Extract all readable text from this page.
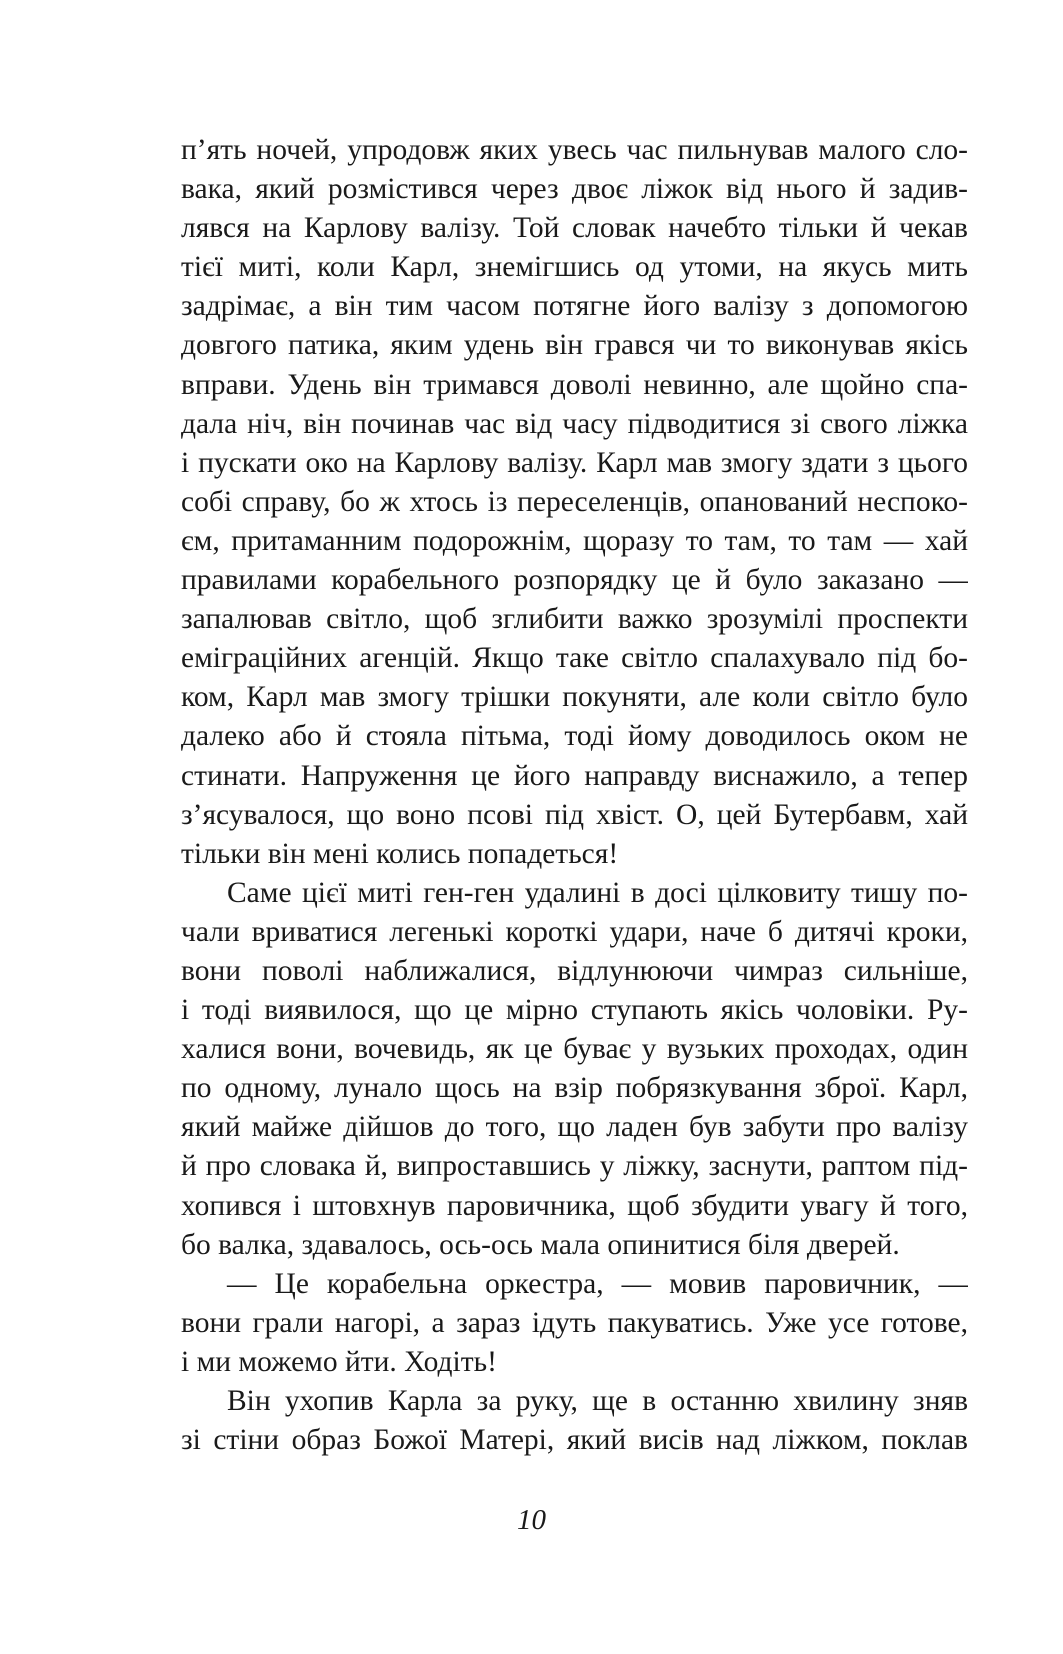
п’ять ночей, упродовж яких увесь час пильнував малого сло-
вака, який розмістився через двоє ліжок від нього й задив-
лявся на Карлову валізу. Той словак начебто тільки й чекав
тієї миті, коли Карл, знемігшись од утоми, на якусь мить
задрімає, а він тим часом потягне його валізу з допомогою
довгого патика, яким удень він грався чи то виконував якісь
вправи. Удень він тримався доволі невинно, але щойно спа-
дала ніч, він починав час від часу підводитися зі свого ліжка
і пускати око на Карлову валізу. Карл мав змогу здати з цього
собі справу, бо ж хтось із переселенців, опанований неспоко-
єм, притаманним подорожнім, щоразу то там, то там — хай
правилами корабельного розпорядку це й було заказано —
запалював світло, щоб зглибити важко зрозумілі проспекти
еміграційних агенцій. Якщо таке світло спалахувало під бо-
ком, Карл мав змогу трішки покуняти, але коли світло було
далеко або й стояла пітьма, тоді йому доводилось оком не
стинати. Напруження це його направду виснажило, а тепер
з’ясувалося, що воно псові під хвіст. О, цей Бутербавм, хай
тільки він мені колись попадеться!
Саме цієї миті ген-ген удалині в досі цілковиту тишу по-
чали вриватися легенькі короткі удари, наче б дитячі кроки,
вони поволі наближалися, відлунюючи чимраз сильніше,
і тоді виявилося, що це мірно ступають якісь чоловіки. Ру-
халися вони, вочевидь, як це буває у вузьких проходах, один
по одному, лунало щось на взір побрязкування зброї. Карл,
який майже дійшов до того, що ладен був забути про валізу
й про словака й, випроставшись у ліжку, заснути, раптом під-
хопився і штовхнув паровичника, щоб збудити увагу й того,
бо валка, здавалось, ось-ось мала опинитися біля дверей.
— Це корабельна оркестра, — мовив паровичник, —
вони грали нагорі, а зараз ідуть пакуватись. Уже усе готове,
і ми можемо йти. Ходіть!
Він ухопив Карла за руку, ще в останню хвилину зняв
зі стіни образ Божої Матері, який висів над ліжком, поклав
10
